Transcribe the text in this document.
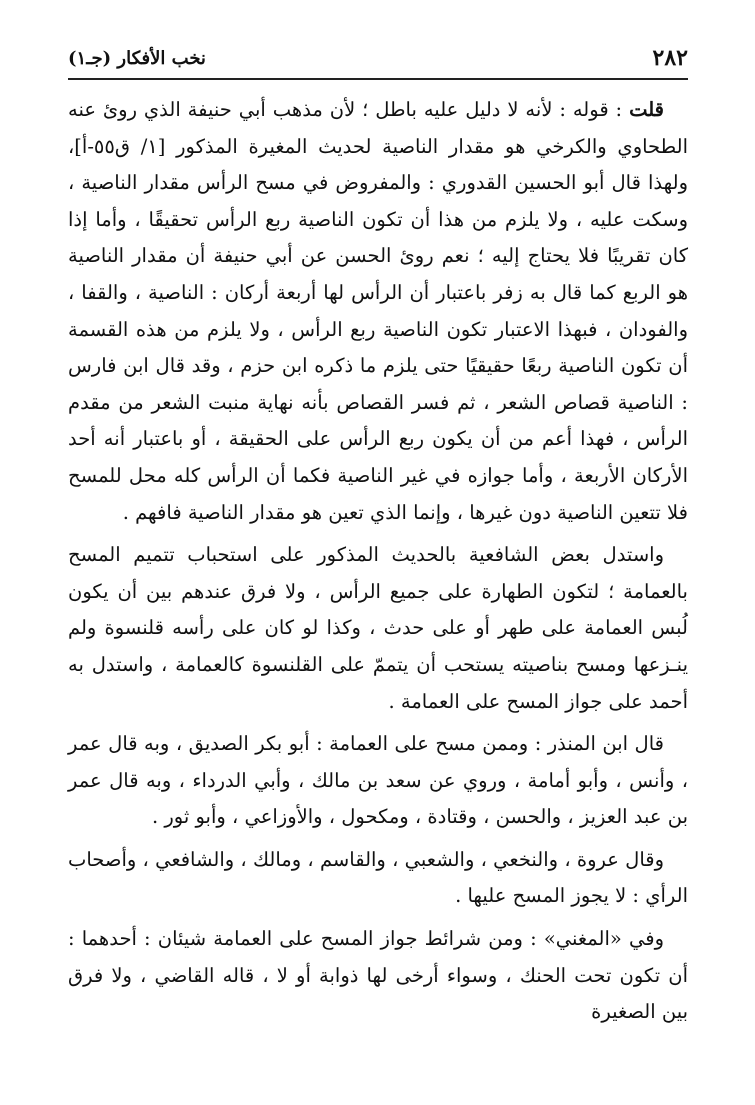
٢٨٢
نخب الأفكار (جـ١)

قلت : قوله : لأنه لا دليل عليه باطل ؛ لأن مذهب أبي حنيفة الذي روئ عنه الطحاوي والكرخي هو مقدار الناصية لحديث المغيرة المذكور [١/ ق٥٥-أ]، ولهذا قال أبو الحسين القدوري : والمفروض في مسح الرأس مقدار الناصية ، وسكت عليه ، ولا يلزم من هذا أن تكون الناصية ربع الرأس تحقيقًا ، وأما إذا كان تقريبًا فلا يحتاج إليه ؛ نعم روئ الحسن عن أبي حنيفة أن مقدار الناصية هو الربع كما قال به زفر باعتبار أن الرأس لها أربعة أركان : الناصية ، والقفا ، والفودان ، فبهذا الاعتبار تكون الناصية ربع الرأس ، ولا يلزم من هذه القسمة أن تكون الناصية ربعًا حقيقيًا حتى يلزم ما ذكره ابن حزم ، وقد قال ابن فارس : الناصية قصاص الشعر ، ثم فسر القصاص بأنه نهاية منبت الشعر من مقدم الرأس ، فهذا أعم من أن يكون ربع الرأس على الحقيقة ، أو باعتبار أنه أحد الأركان الأربعة ، وأما جوازه في غير الناصية فكما أن الرأس كله محل للمسح فلا تتعين الناصية دون غيرها ، وإنما الذي تعين هو مقدار الناصية فافهم .

واستدل بعض الشافعية بالحديث المذكور على استحباب تتميم المسح بالعمامة ؛ لتكون الطهارة على جميع الرأس ، ولا فرق عندهم بين أن يكون لُبس العمامة على طهر أو على حدث ، وكذا لو كان على رأسه قلنسوة ولم ينـزعها ومسح بناصيته يستحب أن يتممّ على القلنسوة كالعمامة ، واستدل به أحمد على جواز المسح على العمامة .

قال ابن المنذر : وممن مسح على العمامة : أبو بكر الصديق ، وبه قال عمر ، وأنس ، وأبو أمامة ، وروي عن سعد بن مالك ، وأبي الدرداء ، وبه قال عمر بن عبد العزيز ، والحسن ، وقتادة ، ومكحول ، والأوزاعي ، وأبو ثور .

وقال عروة ، والنخعي ، والشعبي ، والقاسم ، ومالك ، والشافعي ، وأصحاب الرأي : لا يجوز المسح عليها .

وفي «المغني» : ومن شرائط جواز المسح على العمامة شيئان : أحدهما : أن تكون تحت الحنك ، وسواء أرخى لها ذوابة أو لا ، قاله القاضي ، ولا فرق بين الصغيرة
